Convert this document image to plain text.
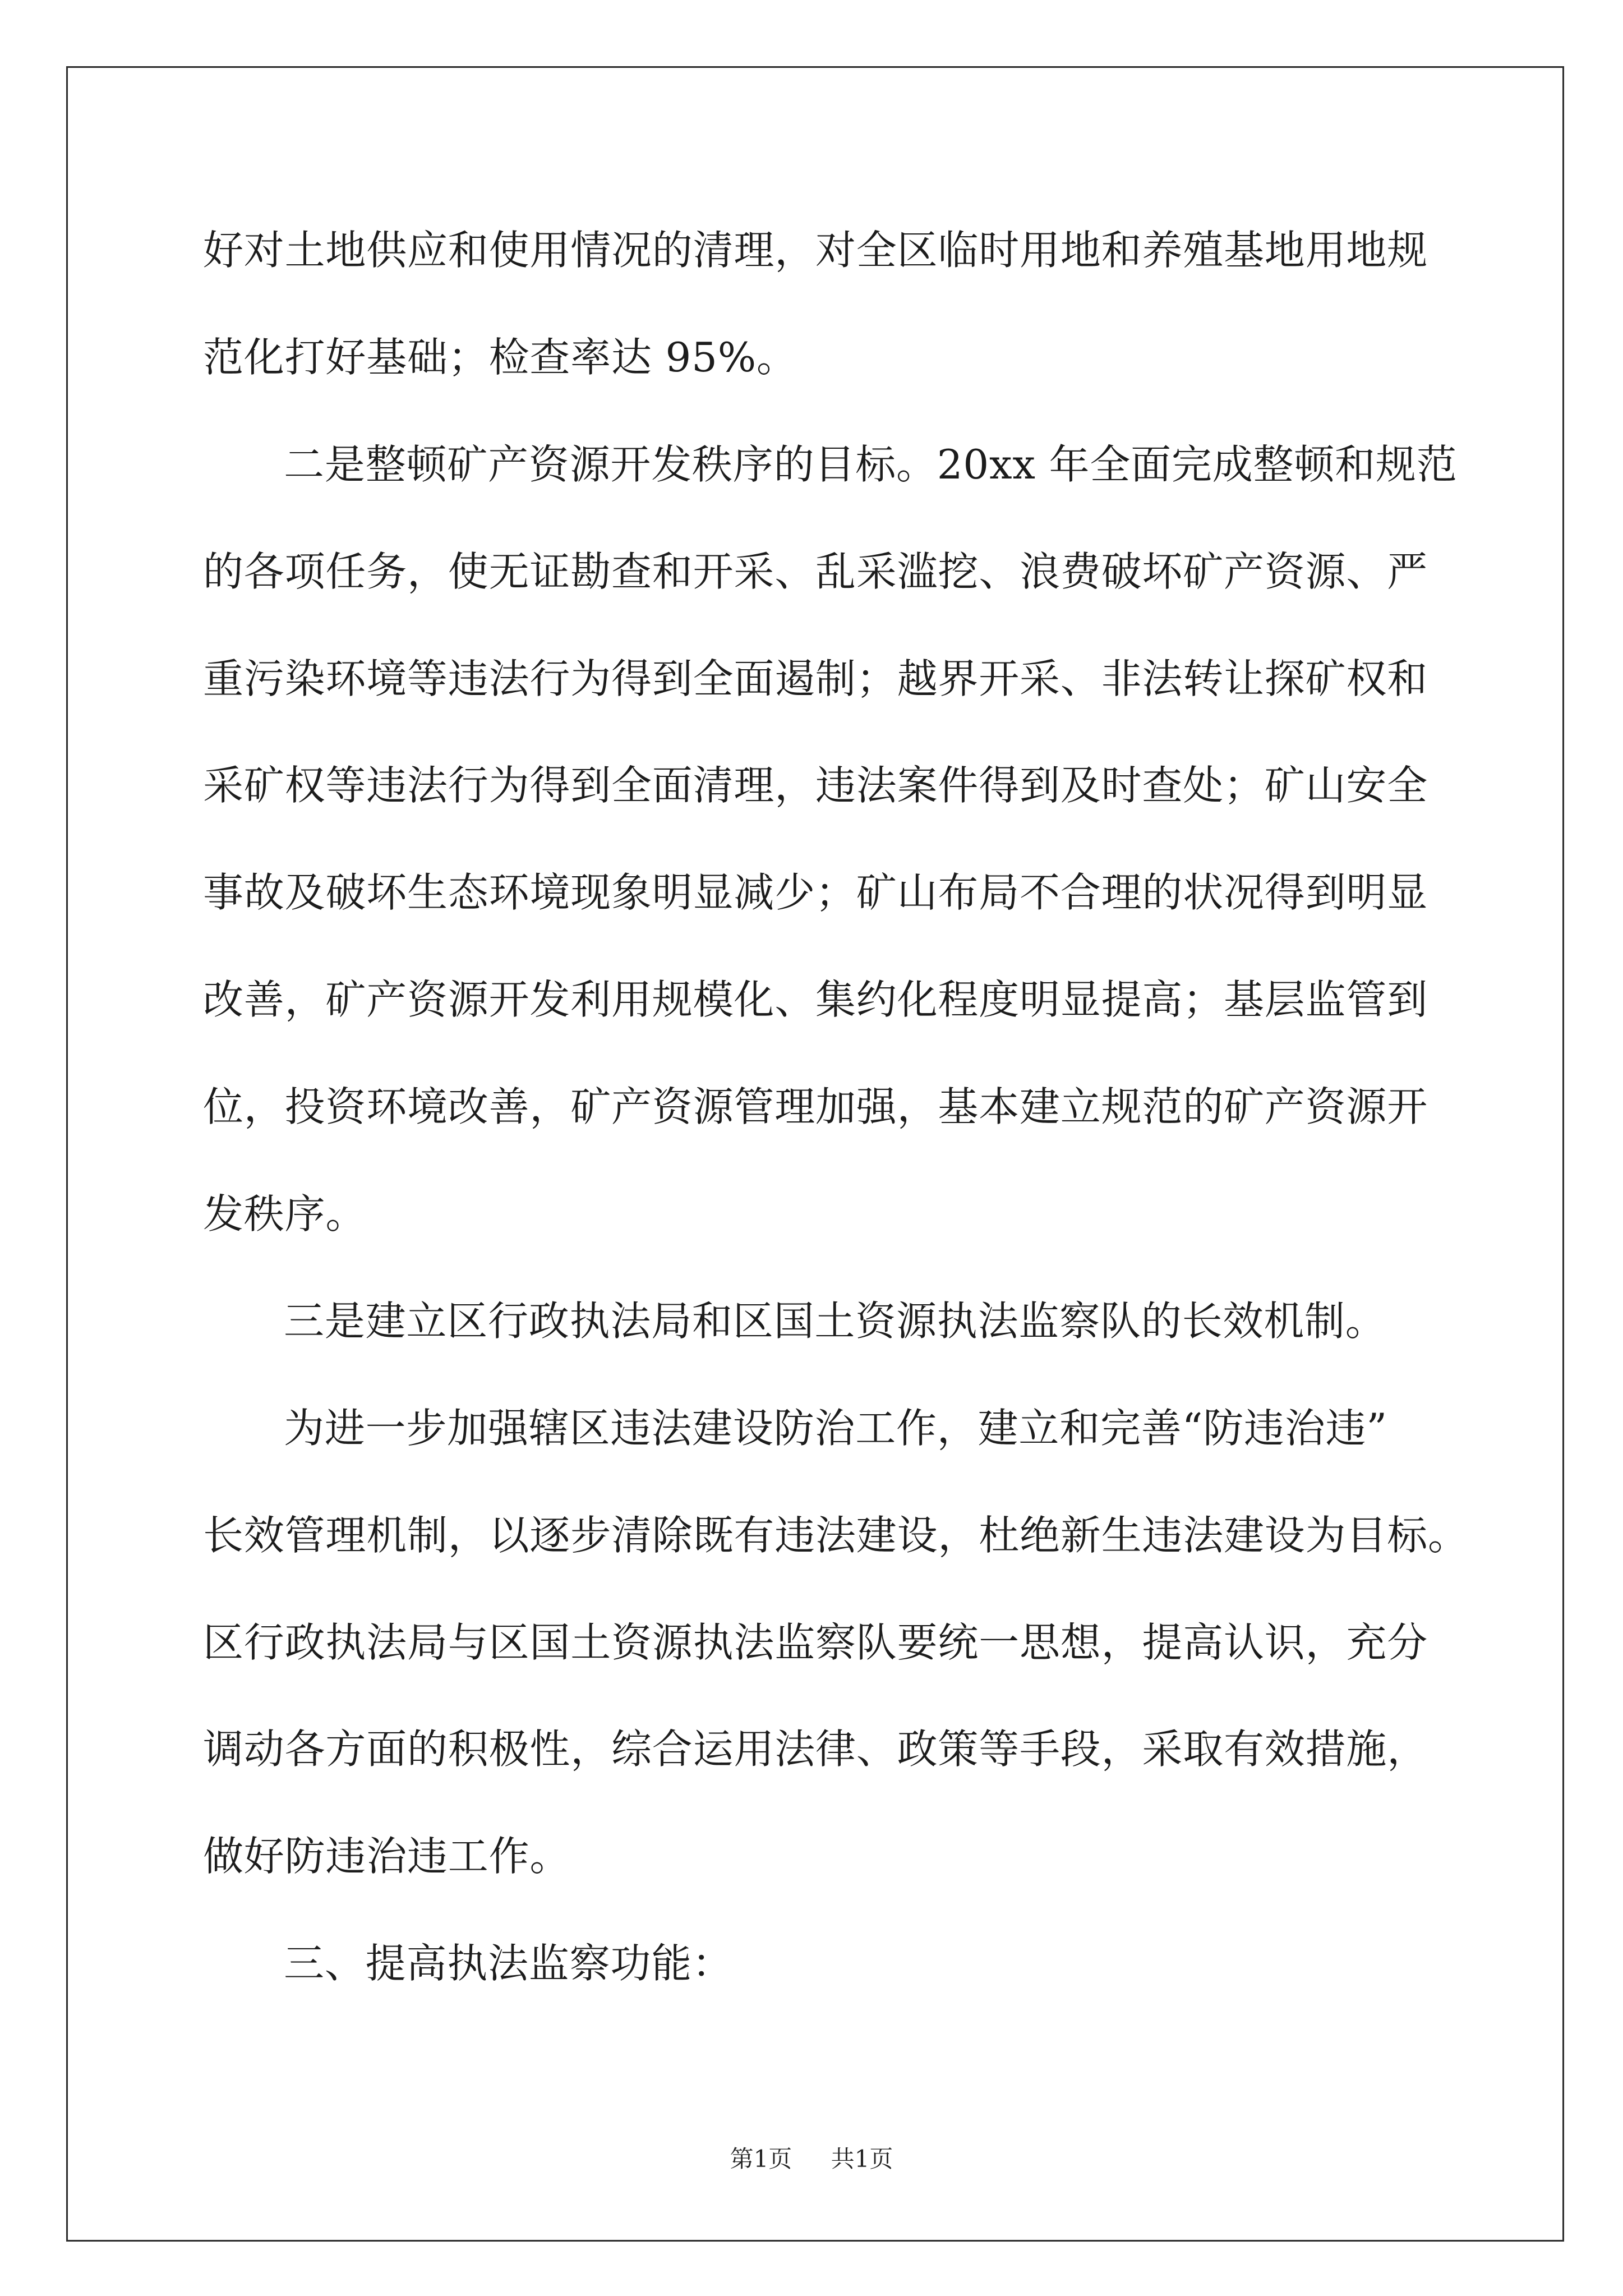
好对土地供应和使用情况的清理，对全区临时用地和养殖基地用地规
范化打好基础；检查率达 95%。
二是整顿矿产资源开发秩序的目标。20xx 年全面完成整顿和规范
的各项任务，使无证勘查和开采、乱采滥挖、浪费破坏矿产资源、严
重污染环境等违法行为得到全面遏制；越界开采、非法转让探矿权和
采矿权等违法行为得到全面清理，违法案件得到及时查处；矿山安全
事故及破坏生态环境现象明显减少；矿山布局不合理的状况得到明显
改善，矿产资源开发利用规模化、集约化程度明显提高；基层监管到
位，投资环境改善，矿产资源管理加强，基本建立规范的矿产资源开
发秩序。
三是建立区行政执法局和区国土资源执法监察队的长效机制。
为进一步加强辖区违法建设防治工作，建立和完善“防违治违”
长效管理机制，以逐步清除既有违法建设，杜绝新生违法建设为目标。
区行政执法局与区国土资源执法监察队要统一思想，提高认识，充分
调动各方面的积极性，综合运用法律、政策等手段，采取有效措施，
做好防违治违工作。
三、提高执法监察功能：
第1页 共1页
